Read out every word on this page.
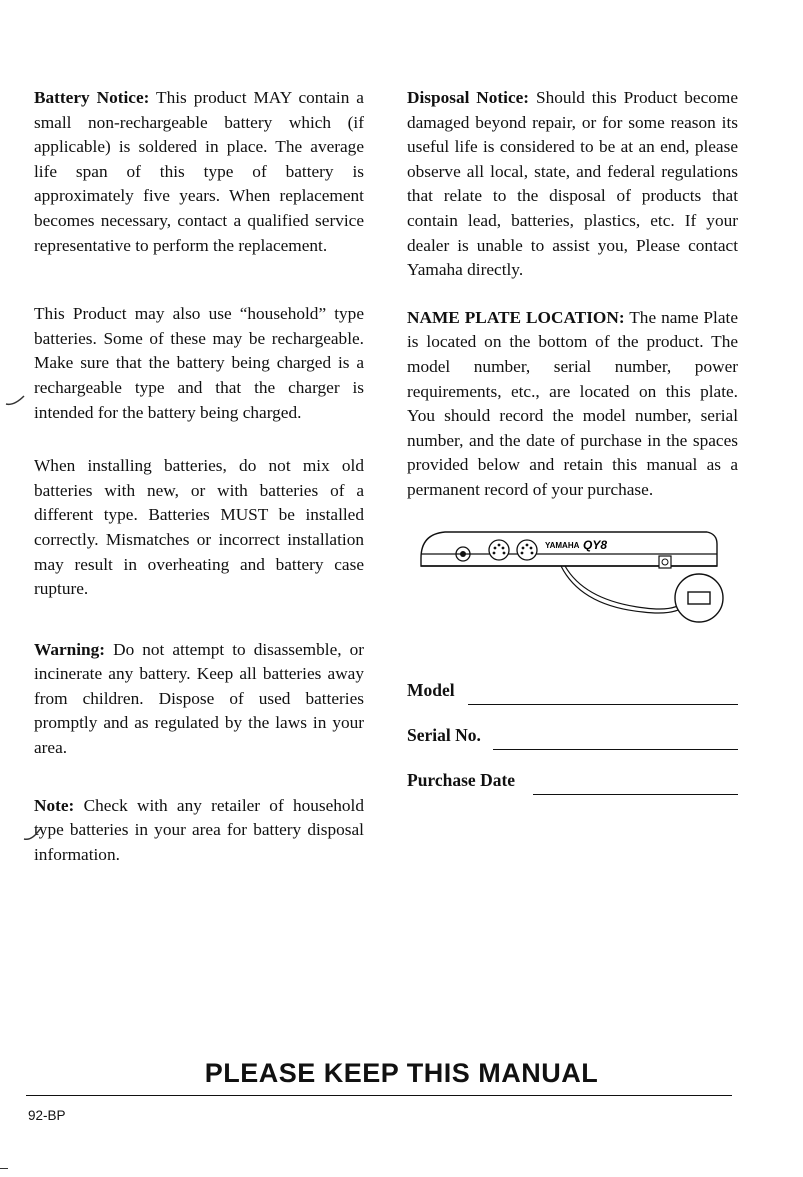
Battery Notice: This product MAY contain a small non-rechargeable battery which (if applicable) is soldered in place. The average life span of this type of battery is approximately five years. When replacement becomes necessary, contact a qualified service representative to perform the replacement.

This Product may also use “household” type batteries. Some of these may be rechargeable. Make sure that the battery being charged is a rechargeable type and that the charger is intended for the battery being charged.

When installing batteries, do not mix old batteries with new, or with batteries of a different type. Batteries MUST be installed correctly. Mismatches or incorrect installation may result in overheating and battery case rupture.

Warning: Do not attempt to disassemble, or incinerate any battery. Keep all batteries away from children. Dispose of used batteries promptly and as regulated by the laws in your area.

Note: Check with any retailer of household type batteries in your area for battery disposal information.

Disposal Notice: Should this Product become damaged beyond repair, or for some reason its useful life is considered to be at an end, please observe all local, state, and federal regulations that relate to the disposal of products that contain lead, batteries, plastics, etc. If your dealer is unable to assist you, Please contact Yamaha directly.

NAME PLATE LOCATION: The name Plate is located on the bottom of the product. The model number, serial number, power requirements, etc., are located on this plate. You should record the model number, serial number, and the date of purchase in the spaces provided below and retain this manual as a permanent record of your purchase.

YAMAHA QY8
Model
Serial No.
Purchase Date
PLEASE KEEP THIS MANUAL
92-BP
